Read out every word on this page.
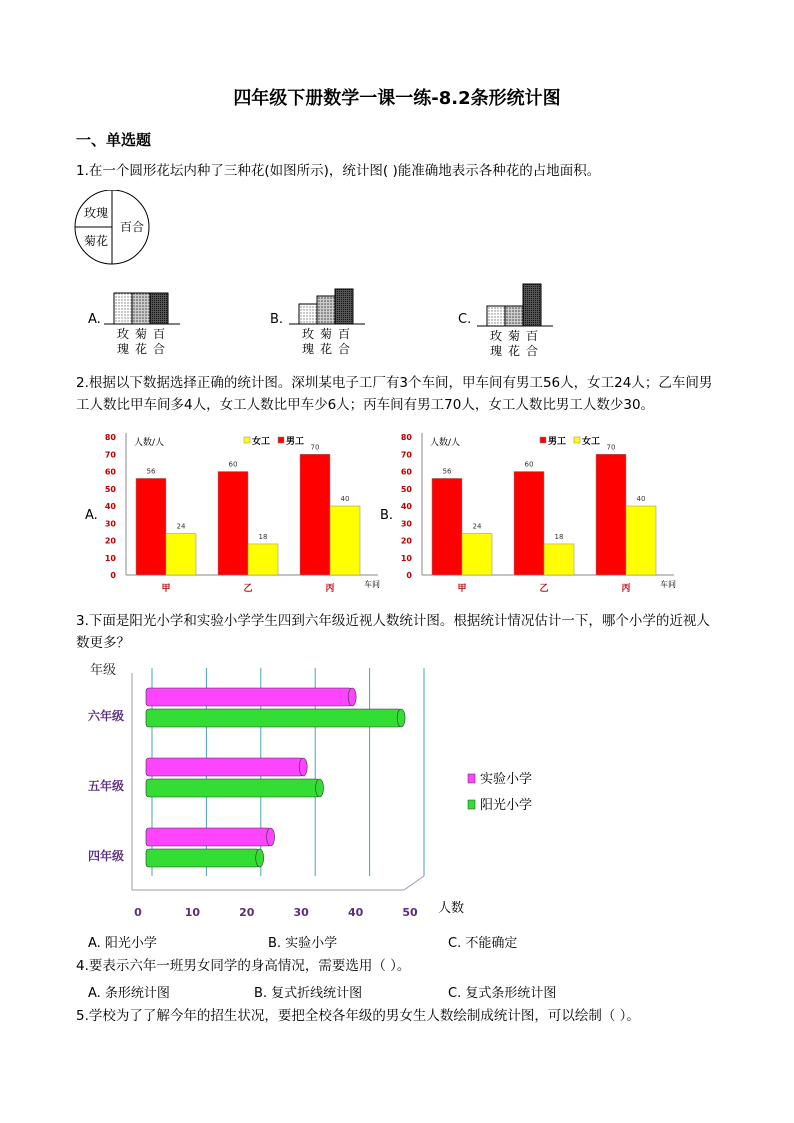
四年级下册数学一课一练-8.2条形统计图
一、单选题
1.在一个圆形花坛内种了三种花(如图所示)，统计图( )能准确地表示各种花的占地面积。
玫瑰
菊花
百合
A.
玫
瑰
菊
花
百
合
B.
玫
瑰
菊
花
百
合
C.
玫
瑰
菊
花
百
合
2.根据以下数据选择正确的统计图。深圳某电子工厂有3个车间，甲车间有男工56人，女工24人；乙车间男工人数比甲车间多4人，女工人数比甲车少6人；丙车间有男工70人，女工人数比男工人数少30。
A.
0
10
20
30
40
50
60
70
80
人数/人
车间
女工 男工
56
24
甲
60
18
乙
70
40
丙
B.
0
10
20
30
40
50
60
70
80
人数/人
车间
男工 女工
56
24
甲
60
18
乙
70
40
丙
3.下面是阳光小学和实验小学学生四到六年级近视人数统计图。根据统计情况估计一下，哪个小学的近视人数更多？
0	10	20	30	40	50
年级
人数
六年级
五年级
四年级
实验小学
阳光小学
A. 阳光小学	B. 实验小学	C. 不能确定
4.要表示六年一班男女同学的身高情况，需要选用（ ）。
A. 条形统计图	B. 复式折线统计图	C. 复式条形统计图
5.学校为了了解今年的招生状况，要把全校各年级的男女生人数绘制成统计图，可以绘制（ ）。
